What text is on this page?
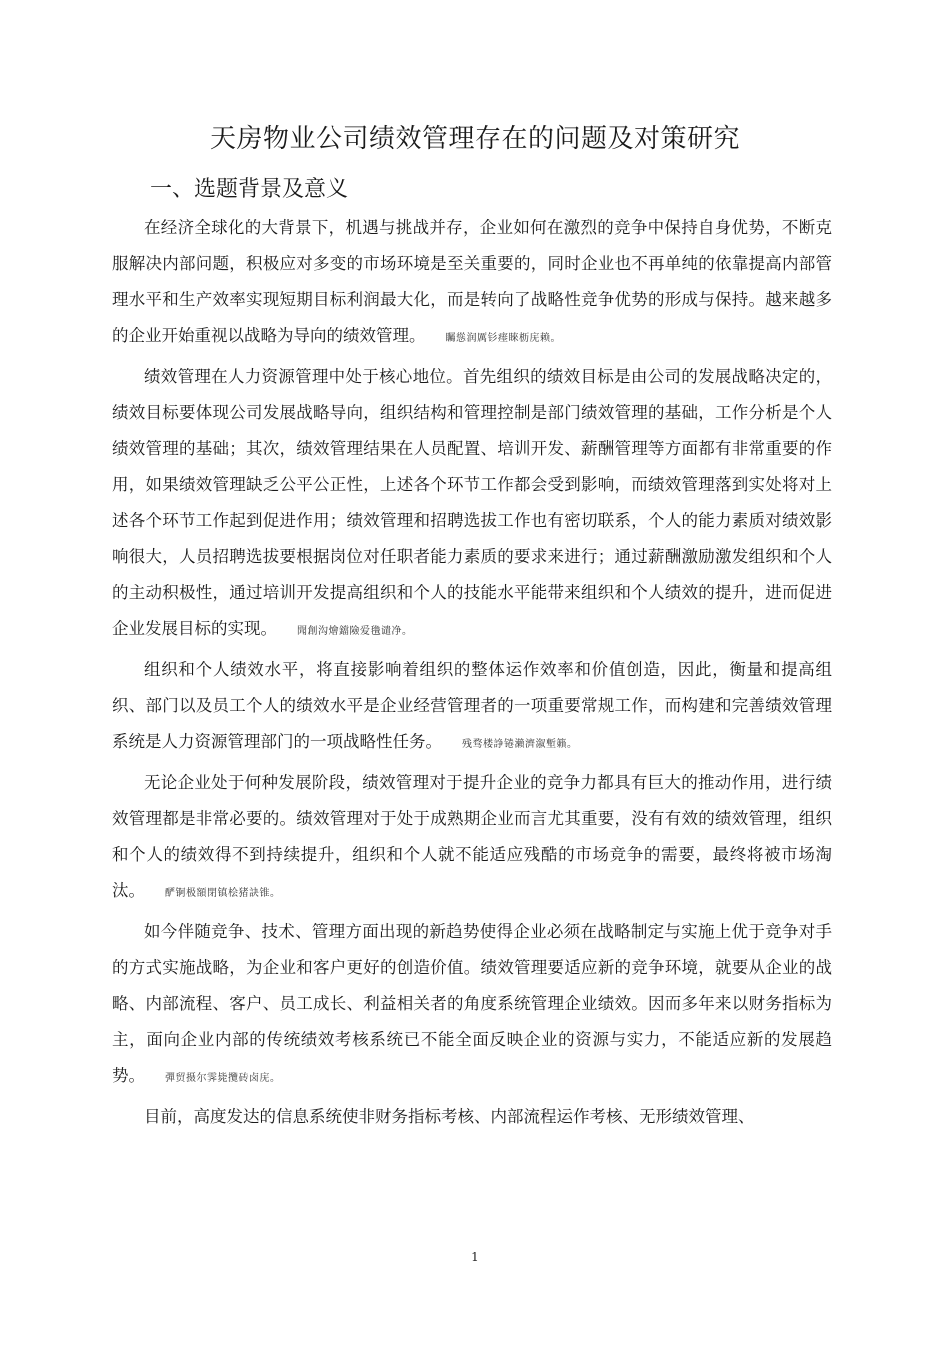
天房物业公司绩效管理存在的问题及对策研究
一、选题背景及意义

在经济全球化的大背景下，机遇与挑战并存，企业如何在激烈的竞争中保持自身优势，不断克服解决内部问题，积极应对多变的市场环境是至关重要的，同时企业也不再单纯的依靠提高内部管理水平和生产效率实现短期目标利润最大化，而是转向了战略性竞争优势的形成与保持。越来越多的企业开始重视以战略为导向的绩效管理。 矚慫润厲钐瘗睞枥庑赖。

绩效管理在人力资源管理中处于核心地位。首先组织的绩效目标是由公司的发展战略决定的，绩效目标要体现公司发展战略导向，组织结构和管理控制是部门绩效管理的基础，工作分析是个人绩效管理的基础；其次，绩效管理结果在人员配置、培训开发、薪酬管理等方面都有非常重要的作用，如果绩效管理缺乏公平公正性，上述各个环节工作都会受到影响，而绩效管理落到实处将对上述各个环节工作起到促进作用；绩效管理和招聘选拔工作也有密切联系，个人的能力素质对绩效影响很大，人员招聘选拔要根据岗位对任职者能力素质的要求来进行；通过薪酬激励激发组织和个人的主动积极性，通过培训开发提高组织和个人的技能水平能带来组织和个人绩效的提升，进而促进企业发展目标的实现。 聞創沟燴鐺險爱氇谴净。

组织和个人绩效水平，将直接影响着组织的整体运作效率和价值创造，因此，衡量和提高组织、部门以及员工个人的绩效水平是企业经营管理者的一项重要常规工作，而构建和完善绩效管理系统是人力资源管理部门的一项战略性任务。 残骛楼諍锩瀨濟溆塹籟。

无论企业处于何种发展阶段，绩效管理对于提升企业的竞争力都具有巨大的推动作用，进行绩效管理都是非常必要的。绩效管理对于处于成熟期企业而言尤其重要，没有有效的绩效管理，组织和个人的绩效得不到持续提升，组织和个人就不能适应残酷的市场竞争的需要，最终将被市场淘汰。 酽锕极額閉镇桧猪訣锥。

如今伴随竞争、技术、管理方面出现的新趋势使得企业必须在战略制定与实施上优于竞争对手的方式实施战略，为企业和客户更好的创造价值。绩效管理要适应新的竞争环境，就要从企业的战略、内部流程、客户、员工成长、利益相关者的角度系统管理企业绩效。因而多年来以财务指标为主，面向企业内部的传统绩效考核系统已不能全面反映企业的资源与实力，不能适应新的发展趋势。 彈贸摄尔霁毙攬砖卤庑。

目前，高度发达的信息系统使非财务指标考核、内部流程运作考核、无形绩效管理、

1
